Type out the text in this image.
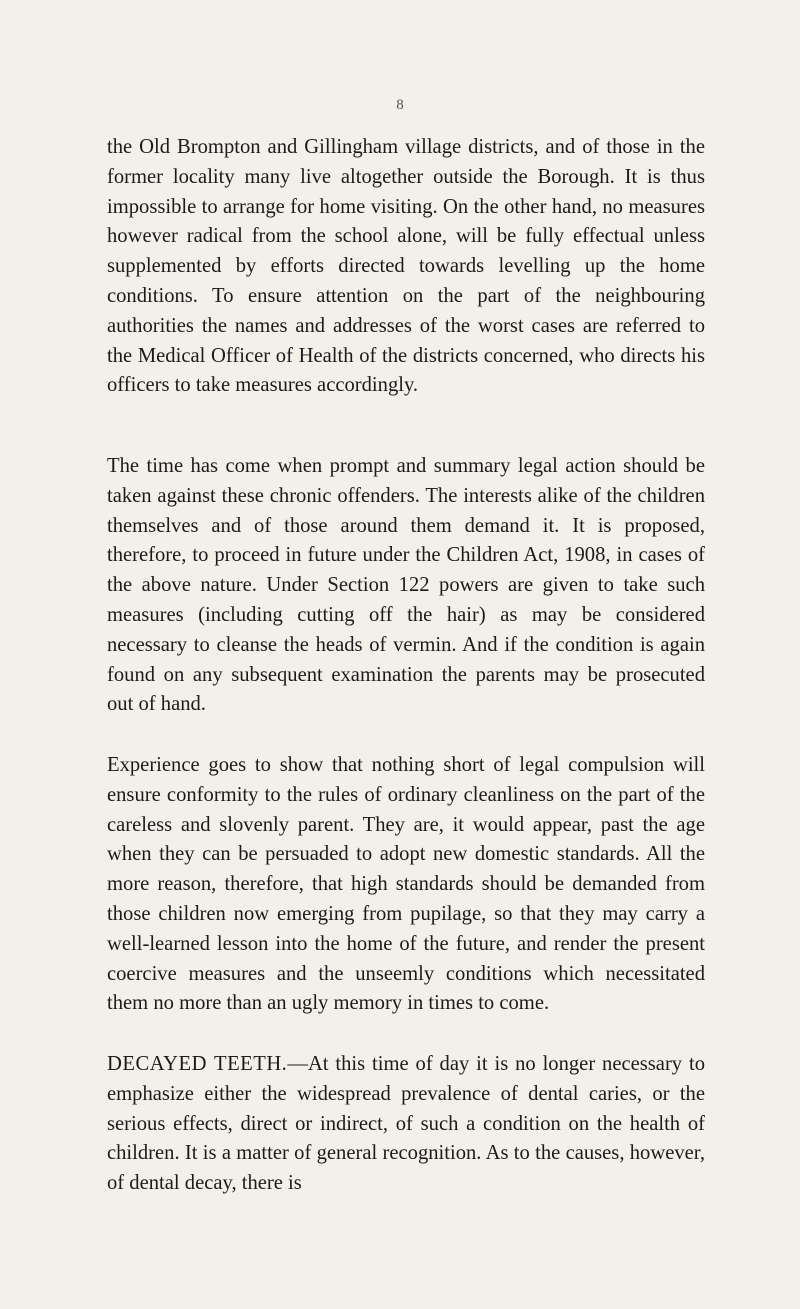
8

the Old Brompton and Gillingham village districts, and of those in the former locality many live altogether outside the Borough. It is thus impossible to arrange for home visiting. On the other hand, no measures however radical from the school alone, will be fully effectual unless supplemented by efforts directed towards levelling up the home conditions. To ensure attention on the part of the neighbouring authorities the names and addresses of the worst cases are referred to the Medical Officer of Health of the districts concerned, who directs his officers to take measures accordingly.

The time has come when prompt and summary legal action should be taken against these chronic offenders. The interests alike of the children themselves and of those around them demand it. It is proposed, therefore, to proceed in future under the Children Act, 1908, in cases of the above nature. Under Section 122 powers are given to take such measures (including cutting off the hair) as may be considered necessary to cleanse the heads of vermin. And if the condition is again found on any subsequent examination the parents may be prosecuted out of hand.

Experience goes to show that nothing short of legal compulsion will ensure conformity to the rules of ordinary cleanliness on the part of the careless and slovenly parent. They are, it would appear, past the age when they can be persuaded to adopt new domestic standards. All the more reason, therefore, that high standards should be demanded from those children now emerging from pupilage, so that they may carry a well-learned lesson into the home of the future, and render the present coercive measures and the unseemly conditions which necessitated them no more than an ugly memory in times to come.

DECAYED TEETH.—At this time of day it is no longer necessary to emphasize either the widespread prevalence of dental caries, or the serious effects, direct or indirect, of such a condition on the health of children. It is a matter of general recognition. As to the causes, however, of dental decay, there is
